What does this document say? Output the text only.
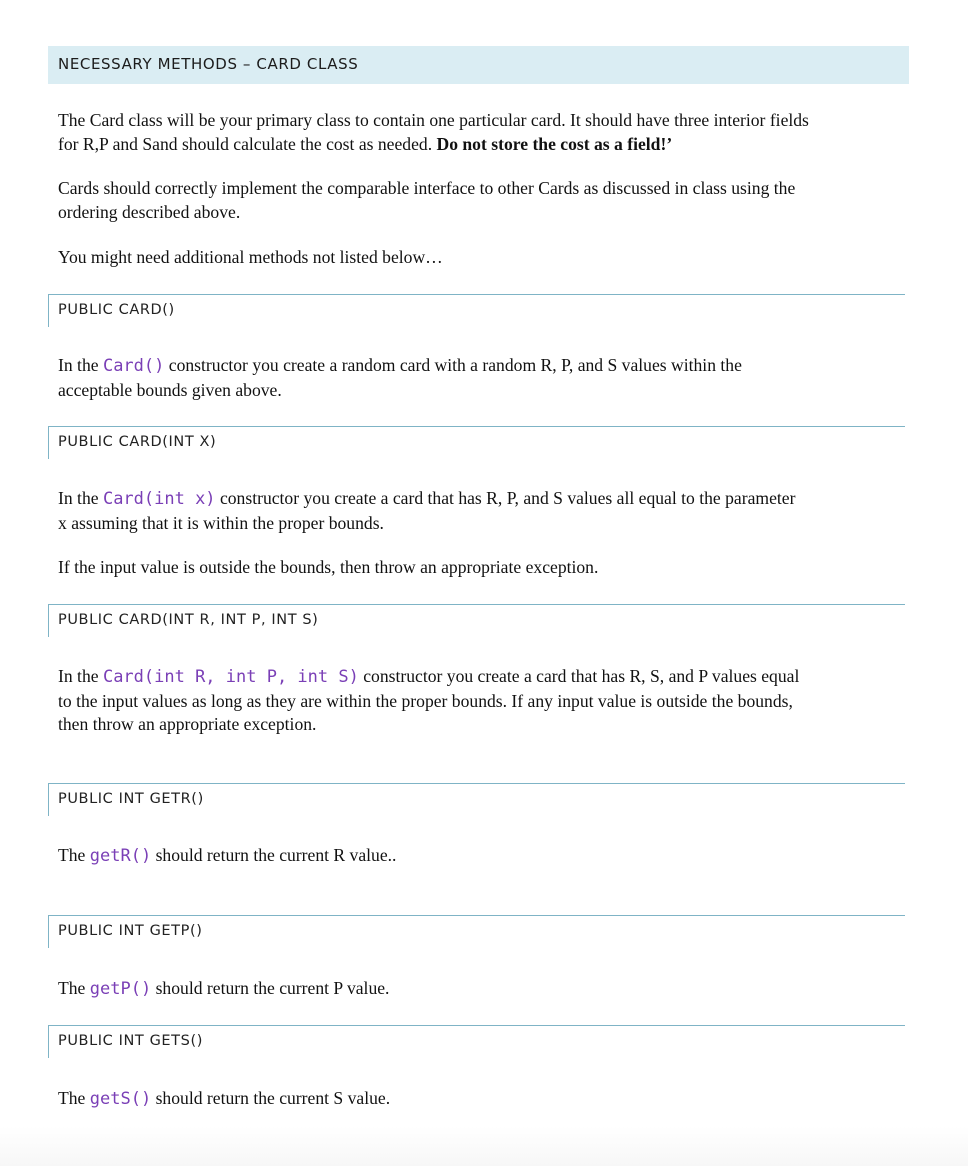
NECESSARY METHODS – CARD CLASS

The Card class will be your primary class to contain one particular card. It should have three interior fields
for R,P and Sand should calculate the cost as needed. Do not store the cost as a field!’

Cards should correctly implement the comparable interface to other Cards as discussed in class using the
ordering described above.

You might need additional methods not listed below…

PUBLIC CARD()

In the Card() constructor you create a random card with a random R, P, and S values within the
acceptable bounds given above.

PUBLIC CARD(INT X)

In the Card(int x) constructor you create a card that has R, P, and S values all equal to the parameter
x assuming that it is within the proper bounds.

If the input value is outside the bounds, then throw an appropriate exception.

PUBLIC CARD(INT R, INT P, INT S)

In the Card(int R, int P, int S) constructor you create a card that has R, S, and P values equal
to the input values as long as they are within the proper bounds. If any input value is outside the bounds,
then throw an appropriate exception.

PUBLIC INT GETR()

The getR() should return the current R value..

PUBLIC INT GETP()

The getP() should return the current P value.

PUBLIC INT GETS()

The getS() should return the current S value.
